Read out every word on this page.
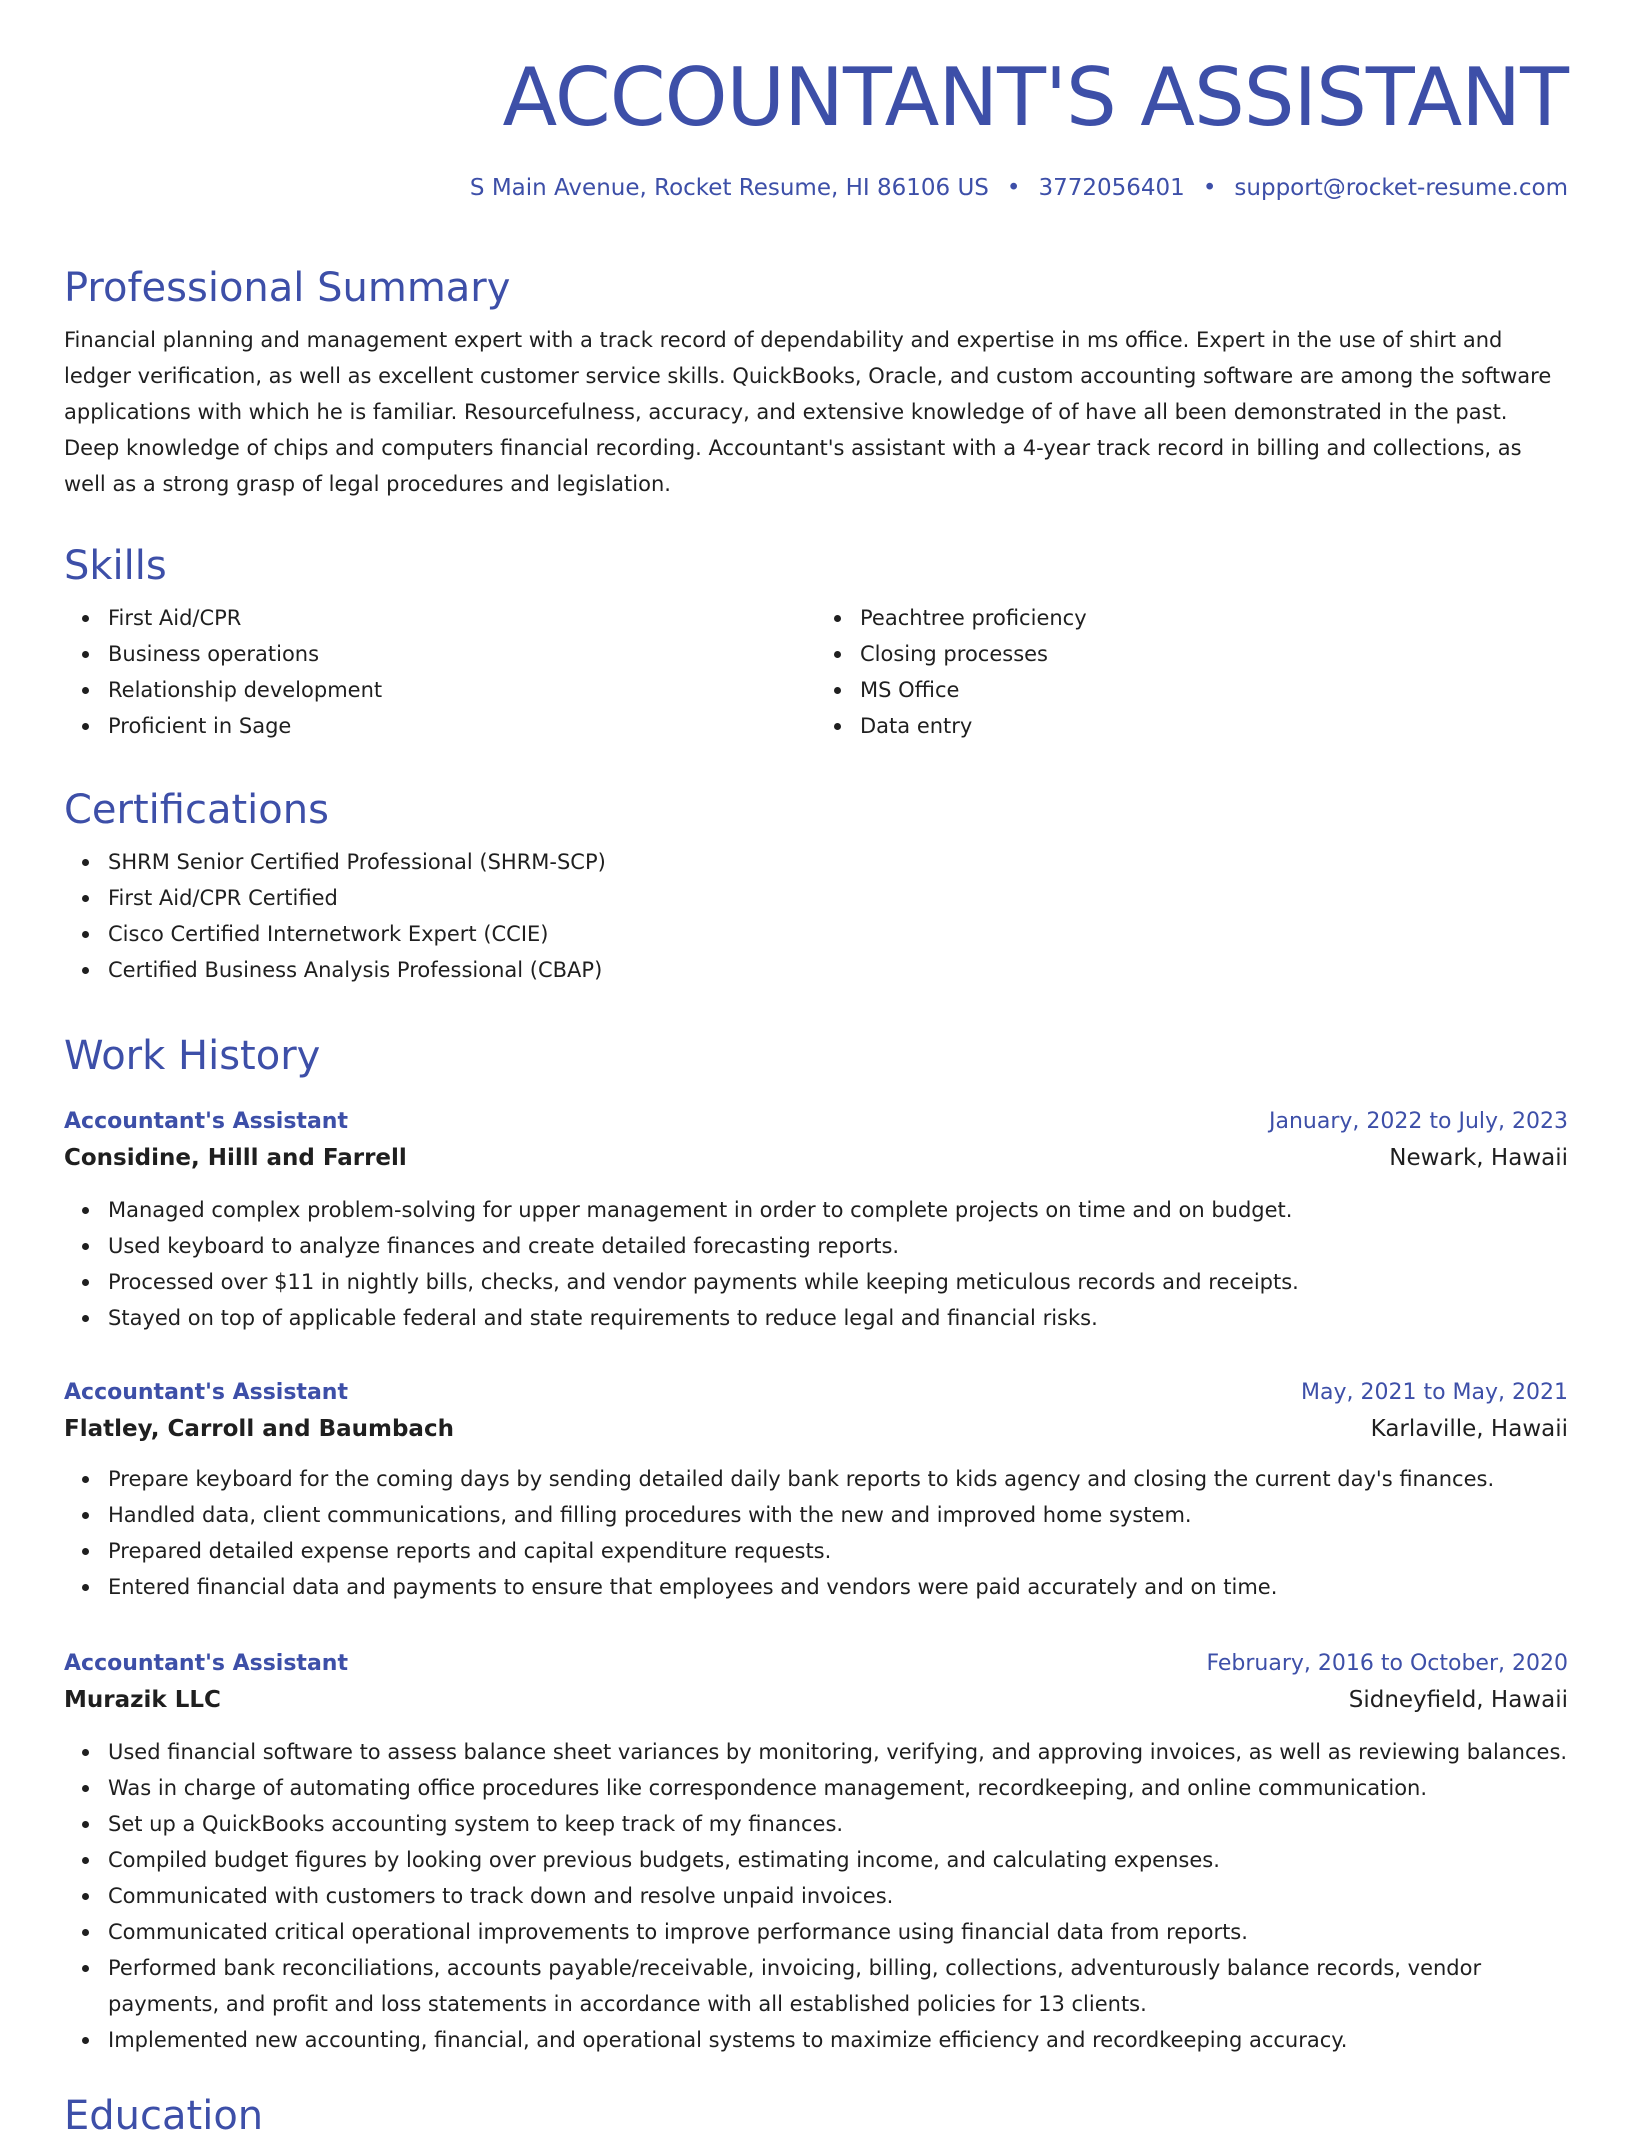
ACCOUNTANT'S ASSISTANT
S Main Avenue, Rocket Resume, HI 86106 US • 3772056401 • support@rocket-resume.com
Professional Summary

Financial planning and management expert with a track record of dependability and expertise in ms office. Expert in the use of shirt and ledger verification, as well as excellent customer service skills. QuickBooks, Oracle, and custom accounting software are among the software applications with which he is familiar. Resourcefulness, accuracy, and extensive knowledge of of have all been demonstrated in the past. Deep knowledge of chips and computers financial recording. Accountant's assistant with a 4-year track record in billing and collections, as well as a strong grasp of legal procedures and legislation.

Skills
First Aid/CPR
Business operations
Relationship development
Proficient in Sage
Peachtree proficiency
Closing processes
MS Office
Data entry
Certifications
SHRM Senior Certified Professional (SHRM-SCP)
First Aid/CPR Certified
Cisco Certified Internetwork Expert (CCIE)
Certified Business Analysis Professional (CBAP)
Work History
Accountant's Assistant	January, 2022 to July, 2023
Considine, Hilll and Farrell	Newark, Hawaii
Managed complex problem-solving for upper management in order to complete projects on time and on budget.
Used keyboard to analyze finances and create detailed forecasting reports.
Processed over $11 in nightly bills, checks, and vendor payments while keeping meticulous records and receipts.
Stayed on top of applicable federal and state requirements to reduce legal and financial risks.
Accountant's Assistant	May, 2021 to May, 2021
Flatley, Carroll and Baumbach	Karlaville, Hawaii
Prepare keyboard for the coming days by sending detailed daily bank reports to kids agency and closing the current day's finances.
Handled data, client communications, and filling procedures with the new and improved home system.
Prepared detailed expense reports and capital expenditure requests.
Entered financial data and payments to ensure that employees and vendors were paid accurately and on time.
Accountant's Assistant	February, 2016 to October, 2020
Murazik LLC	Sidneyfield, Hawaii
Used financial software to assess balance sheet variances by monitoring, verifying, and approving invoices, as well as reviewing balances.
Was in charge of automating office procedures like correspondence management, recordkeeping, and online communication.
Set up a QuickBooks accounting system to keep track of my finances.
Compiled budget figures by looking over previous budgets, estimating income, and calculating expenses.
Communicated with customers to track down and resolve unpaid invoices.
Communicated critical operational improvements to improve performance using financial data from reports.
Performed bank reconciliations, accounts payable/receivable, invoicing, billing, collections, adventurously balance records, vendor payments, and profit and loss statements in accordance with all established policies for 13 clients.
Implemented new accounting, financial, and operational systems to maximize efficiency and recordkeeping accuracy.
Education
